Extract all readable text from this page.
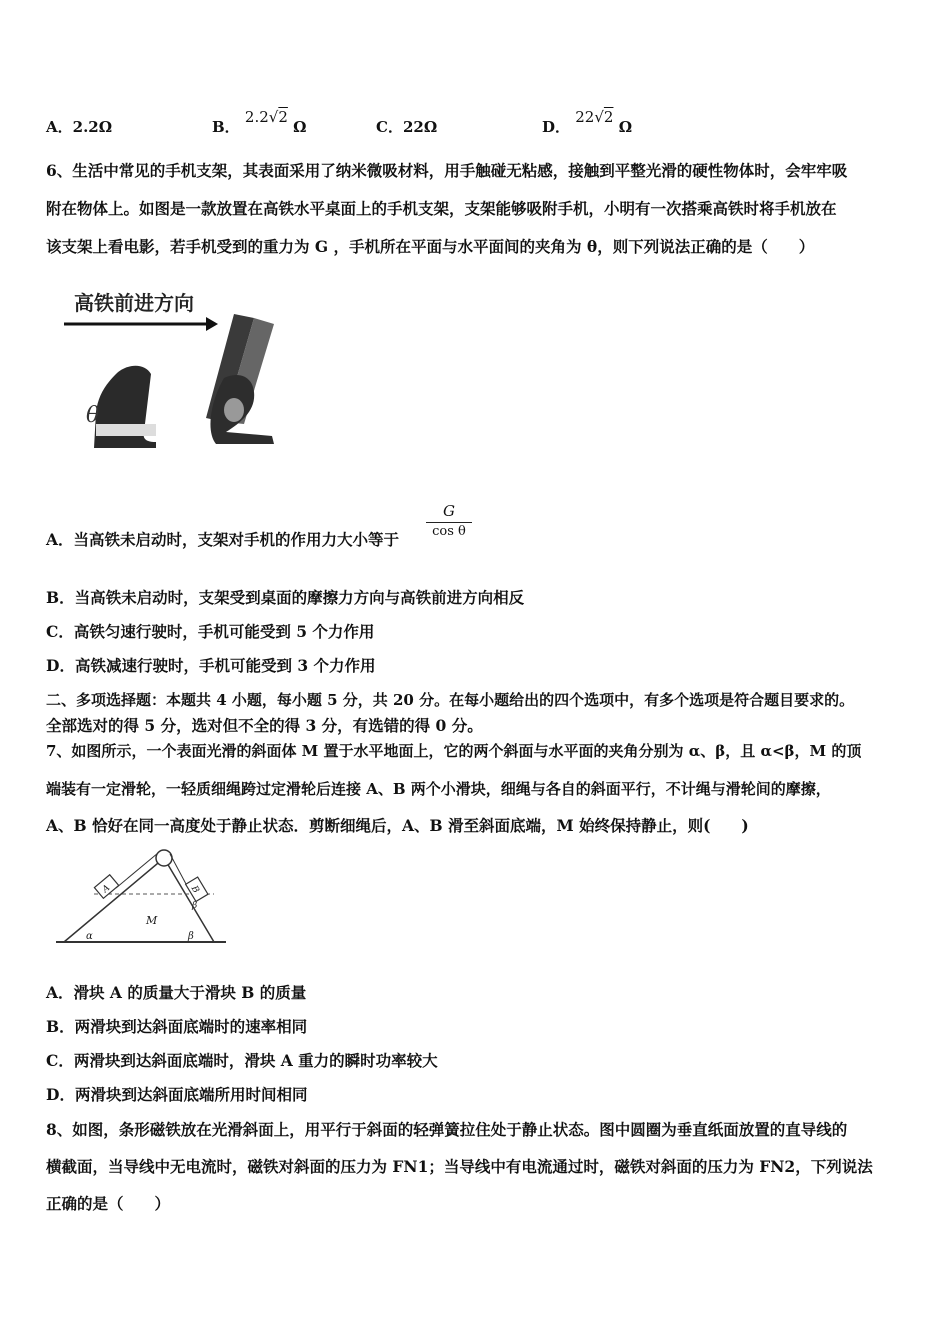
A．2.2Ω	B． 2.2√2 Ω	C．22Ω	D． 22√2 Ω
6、生活中常见的手机支架，其表面采用了纳米微吸材料，用手触碰无粘感，接触到平整光滑的硬性物体时，会牢牢吸
附在物体上。如图是一款放置在高铁水平桌面上的手机支架，支架能够吸附手机，小明有一次搭乘高铁时将手机放在
该支架上看电影，若手机受到的重力为 G ，手机所在平面与水平面间的夹角为 θ，则下列说法正确的是（　　）
高铁前进方向
θ
A．当高铁未启动时，支架对手机的作用力大小等于
G
cos θ
B．当高铁未启动时，支架受到桌面的摩擦力方向与高铁前进方向相反
C．高铁匀速行驶时，手机可能受到 5 个力作用
D．高铁减速行驶时，手机可能受到 3 个力作用
二、多项选择题：本题共 4 小题，每小题 5 分，共 20 分。在每小题给出的四个选项中，有多个选项是符合题目要求的。
全部选对的得 5 分，选对但不全的得 3 分，有选错的得 0 分。
7、如图所示，一个表面光滑的斜面体 M 置于水平地面上，它的两个斜面与水平面的夹角分别为 α、β，且 α<β，M 的顶
端装有一定滑轮，一轻质细绳跨过定滑轮后连接 A、B 两个小滑块，细绳与各自的斜面平行，不计绳与滑轮间的摩擦，
A、B 恰好在同一高度处于静止状态．剪断细绳后，A、B 滑至斜面底端，M 始终保持静止，则(　　)
A	B
M
α	β
β
A．滑块 A 的质量大于滑块 B 的质量
B．两滑块到达斜面底端时的速率相同
C．两滑块到达斜面底端时，滑块 A 重力的瞬时功率较大
D．两滑块到达斜面底端所用时间相同
8、如图，条形磁铁放在光滑斜面上，用平行于斜面的轻弹簧拉住处于静止状态。图中圆圈为垂直纸面放置的直导线的
横截面，当导线中无电流时，磁铁对斜面的压力为 FN1；当导线中有电流通过时，磁铁对斜面的压力为 FN2，下列说法
正确的是（　　）
